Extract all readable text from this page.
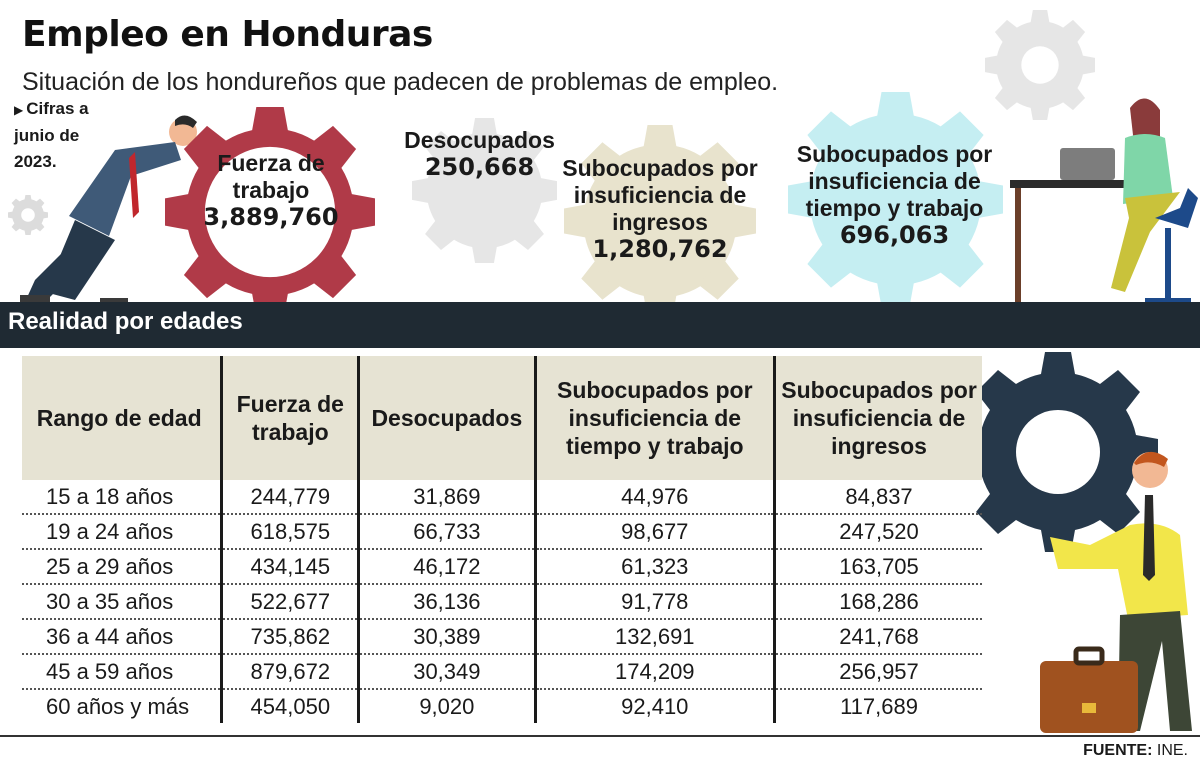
Empleo en Honduras
Situación de los hondureños que padecen de problemas de empleo.
▶ Cifras a junio de 2023.	Fuerza de trabajo
3,889,760
Desocupados
250,668	Subocupados por insuficiencia de ingresos
1,280,762
Subocupados por insuficiencia de tiempo y trabajo
696,063
Realidad por edades
Rango de edad	Fuerza de trabajo	Desocupados	Subocupados por insuficiencia de tiempo y trabajo	Subocupados por insuficiencia de ingresos
15 a 18 años	244,779	31,869	44,976	84,837
19 a 24 años	618,575	66,733	98,677	247,520
25 a 29 años	434,145	46,172	61,323	163,705
30 a 35 años	522,677	36,136	91,778	168,286
36 a 44 años	735,862	30,389	132,691	241,768
45 a 59 años	879,672	30,349	174,209	256,957
60 años y más	454,050	9,020	92,410	117,689
FUENTE: INE.
